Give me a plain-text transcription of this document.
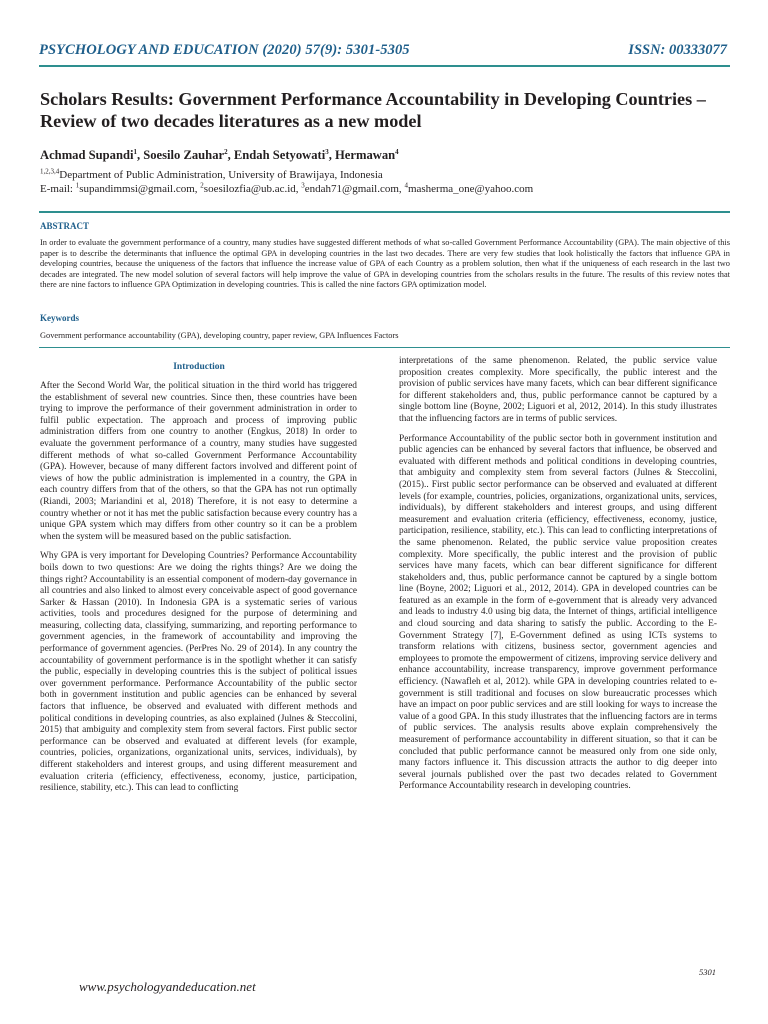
PSYCHOLOGY AND EDUCATION (2020) 57(9): 5301-5305	ISSN: 00333077
Scholars Results: Government Performance Accountability in Developing Countries – Review of two decades literatures as a new model
Achmad Supandi$^1$, Soesilo Zauhar$^2$, Endah Setyowati$^3$, Hermawan$^4$
$^{1,2,3,4}$Department of Public Administration, University of Brawijaya, Indonesia
E-mail: $^1$supandimmsi@gmail.com, $^2$soesilozfia@ub.ac.id, $^3$endah71@gmail.com, $^4$masherma_one@yahoo.com
ABSTRACT
In order to evaluate the government performance of a country, many studies have suggested different methods of what so-called Government Performance Accountability (GPA). The main objective of this paper is to describe the determinants that influence the optimal GPA in developing countries in the last two decades. There are very few studies that look holistically the factors that influence GPA in developing countries, because the uniqueness of the factors that influence the increase value of GPA of each Country as a problem solution, then what if the uniqueness of each research in the last two decades are integrated. The new model solution of several factors will help improve the value of GPA in developing countries from the scholars results in the future. The results of this review notes that there are nine factors to influence GPA Optimization in developing countries. This is called the nine factors GPA optimization model.
Keywords
Government performance accountability (GPA), developing country, paper review, GPA Influences Factors
Introduction

After the Second World War, the political situation in the third world has triggered the establishment of several new countries. Since then, these countries have been trying to improve the performance of their government administration in order to fulfil public expectation. The approach and process of improving public administration differs from one country to another (Engkus, 2018) In order to evaluate the government performance of a country, many studies have suggested different methods of what so-called Government Performance Accountability (GPA). However, because of many different factors involved and different point of views of how the public administration is implemented in a country, the GPA in each country differs from that of the others, so that the GPA has not run optimally (Riandi, 2003; Mariandini et al, 2018) Therefore, it is not easy to determine a country whether or not it has met the public satisfaction because every country has a unique GPA system which may differs from other country so it can be a problem when the system will be measured based on the public satisfaction.

Why GPA is very important for Developing Countries? Performance Accountability boils down to two questions: Are we doing the rights things? Are we doing the things right? Accountability is an essential component of modern-day governance in all countries and also linked to almost every conceivable aspect of good governance Sarker & Hassan (2010). In Indonesia GPA is a systematic series of various activities, tools and procedures designed for the purpose of determining and measuring, collecting data, classifying, summarizing, and reporting performance to government agencies, in the framework of accountability and improving the performance of government agencies. (PerPres No. 29 of 2014). In any country the accountability of government performance is in the spotlight whether it can satisfy the public, especially in developing countries this is the subject of political issues over government performance. Performance Accountability of the public sector both in government institution and public agencies can be enhanced by several factors that influence, be observed and evaluated with different methods and political conditions in developing countries, as also explained (Julnes & Steccolini, 2015) that ambiguity and complexity stem from several factors. First public sector performance can be observed and evaluated at different levels (for example, countries, policies, organizations, organizational units, services, individuals), by different stakeholders and interest groups, and using different measurement and evaluation criteria (efficiency, effectiveness, economy, justice, participation, resilience, stability, etc.). This can lead to conflicting

interpretations of the same phenomenon. Related, the public service value proposition creates complexity. More specifically, the public interest and the provision of public services have many facets, which can bear different significance for different stakeholders and, thus, public performance cannot be captured by a single bottom line (Boyne, 2002; Liguori et al, 2012, 2014). In this study illustrates that the influencing factors are in terms of public services.

Performance Accountability of the public sector both in government institution and public agencies can be enhanced by several factors that influence, be observed and evaluated with different methods and political conditions in developing countries, that ambiguity and complexity stem from several factors (Julnes & Steccolini, (2015).. First public sector performance can be observed and evaluated at different levels (for example, countries, policies, organizations, organizational units, services, individuals), by different stakeholders and interest groups, and using different measurement and evaluation criteria (efficiency, effectiveness, economy, justice, participation, resilience, stability, etc.). This can lead to conflicting interpretations of the same phenomenon. Related, the public service value proposition creates complexity. More specifically, the public interest and the provision of public services have many facets, which can bear different significance for different stakeholders and, thus, public performance cannot be captured by a single bottom line (Boyne, 2002; Liguori et al., 2012, 2014). GPA in developed countries can be featured as an example in the form of e-government that is already very advanced and leads to industry 4.0 using big data, the Internet of things, artificial intelligence and cloud sourcing and data sharing to satisfy the public. According to the E-Government Strategy [7], E-Government defined as using ICTs systems to transform relations with citizens, business sector, government agencies and employees to promote the empowerment of citizens, improving service delivery and enhance accountability, increase transparency, improve government performance efficiency. (Nawafleh et al, 2012). while GPA in developing countries related to e-government is still traditional and focuses on slow bureaucratic processes which have an impact on poor public services and are still looking for ways to increase the value of a good GPA. In this study illustrates that the influencing factors are in terms of public services. The analysis results above explain comprehensively the measurement of performance accountability in different situation, so that it can be concluded that public performance cannot be measured only from one side only, many factors influence it. This discussion attracts the author to dig deeper into several journals published over the past two decades related to Government Performance Accountability research in developing countries.

5301
www.psychologyandeducation.net
